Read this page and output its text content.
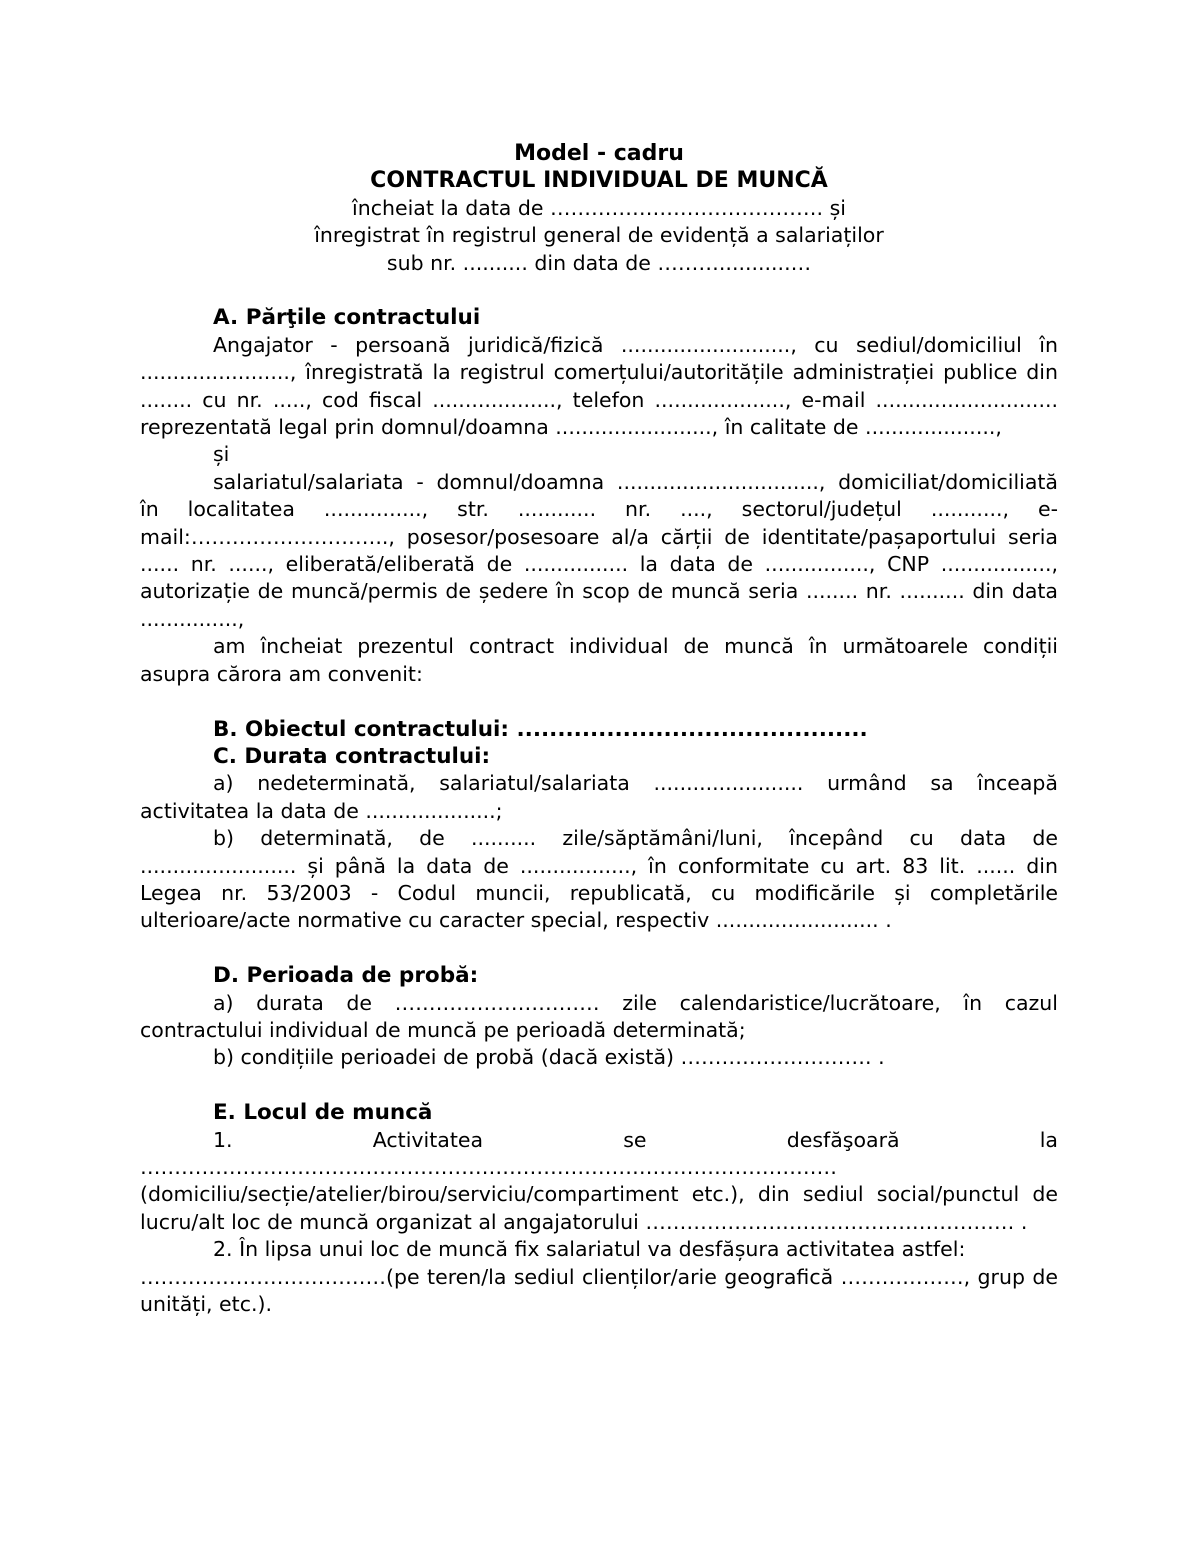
Model - cadru

CONTRACTUL INDIVIDUAL DE MUNCĂ

încheiat la data de …………………………………. și

înregistrat în registrul general de evidență a salariaților

sub nr. .......... din data de ………...........…

A. Părţile contractului

Angajator - persoană juridică/fizică .........................., cu sediul/domiciliul în ......................., înregistrată la registrul comerțului/autoritățile administrației publice din ........ cu nr. ....., cod fiscal ..................., telefon ...................., e-mail ............................ reprezentată legal prin domnul/doamna ........................, în calitate de ....................,

și

salariatul/salariata - domnul/doamna ..............................., domiciliat/domiciliată în localitatea ..............., str. ............ nr. ...., sectorul/județul ..........., e-mail:……………………….., posesor/posesoare al/a cărții de identitate/pașaportului seria ...... nr. ......, eliberată/eliberată de ................ la data de ................, CNP ................., autorizație de muncă/permis de ședere în scop de muncă seria ........ nr. .......... din data ...............,

am încheiat prezentul contract individual de muncă în următoarele condiții asupra cărora am convenit:

B. Obiectul contractului: ...........................................

C. Durata contractului:

a) nedeterminată, salariatul/salariata ....................... urmând sa înceapă activitatea la data de ....................;

b) determinată, de .......... zile/săptămâni/luni, începând cu data de ........................ și până la data de ................., în conformitate cu art. 83 lit. ...... din Legea nr. 53/2003 - Codul muncii, republicată, cu modificările și completările ulterioare/acte normative cu caracter special, respectiv ......................... .

D. Perioada de probă:

a) durata de ………………………… zile calendaristice/lucrătoare, în cazul contractului individual de muncă pe perioadă determinată;

b) condițiile perioadei de probă (dacă există) ………………………. .

E. Locul de muncă

1. Activitatea se desfăşoară la ………………………………………………………………………………………… (domiciliu/secție/atelier/birou/serviciu/compartiment etc.), din sediul social/punctul de lucru/alt loc de muncă organizat al angajatorului ……………………………………………… .

2. În lipsa unui loc de muncă fix salariatul va desfășura activitatea astfel:

………………………………(pe teren/la sediul clienților/arie geografică ………………, grup de unități, etc.).
